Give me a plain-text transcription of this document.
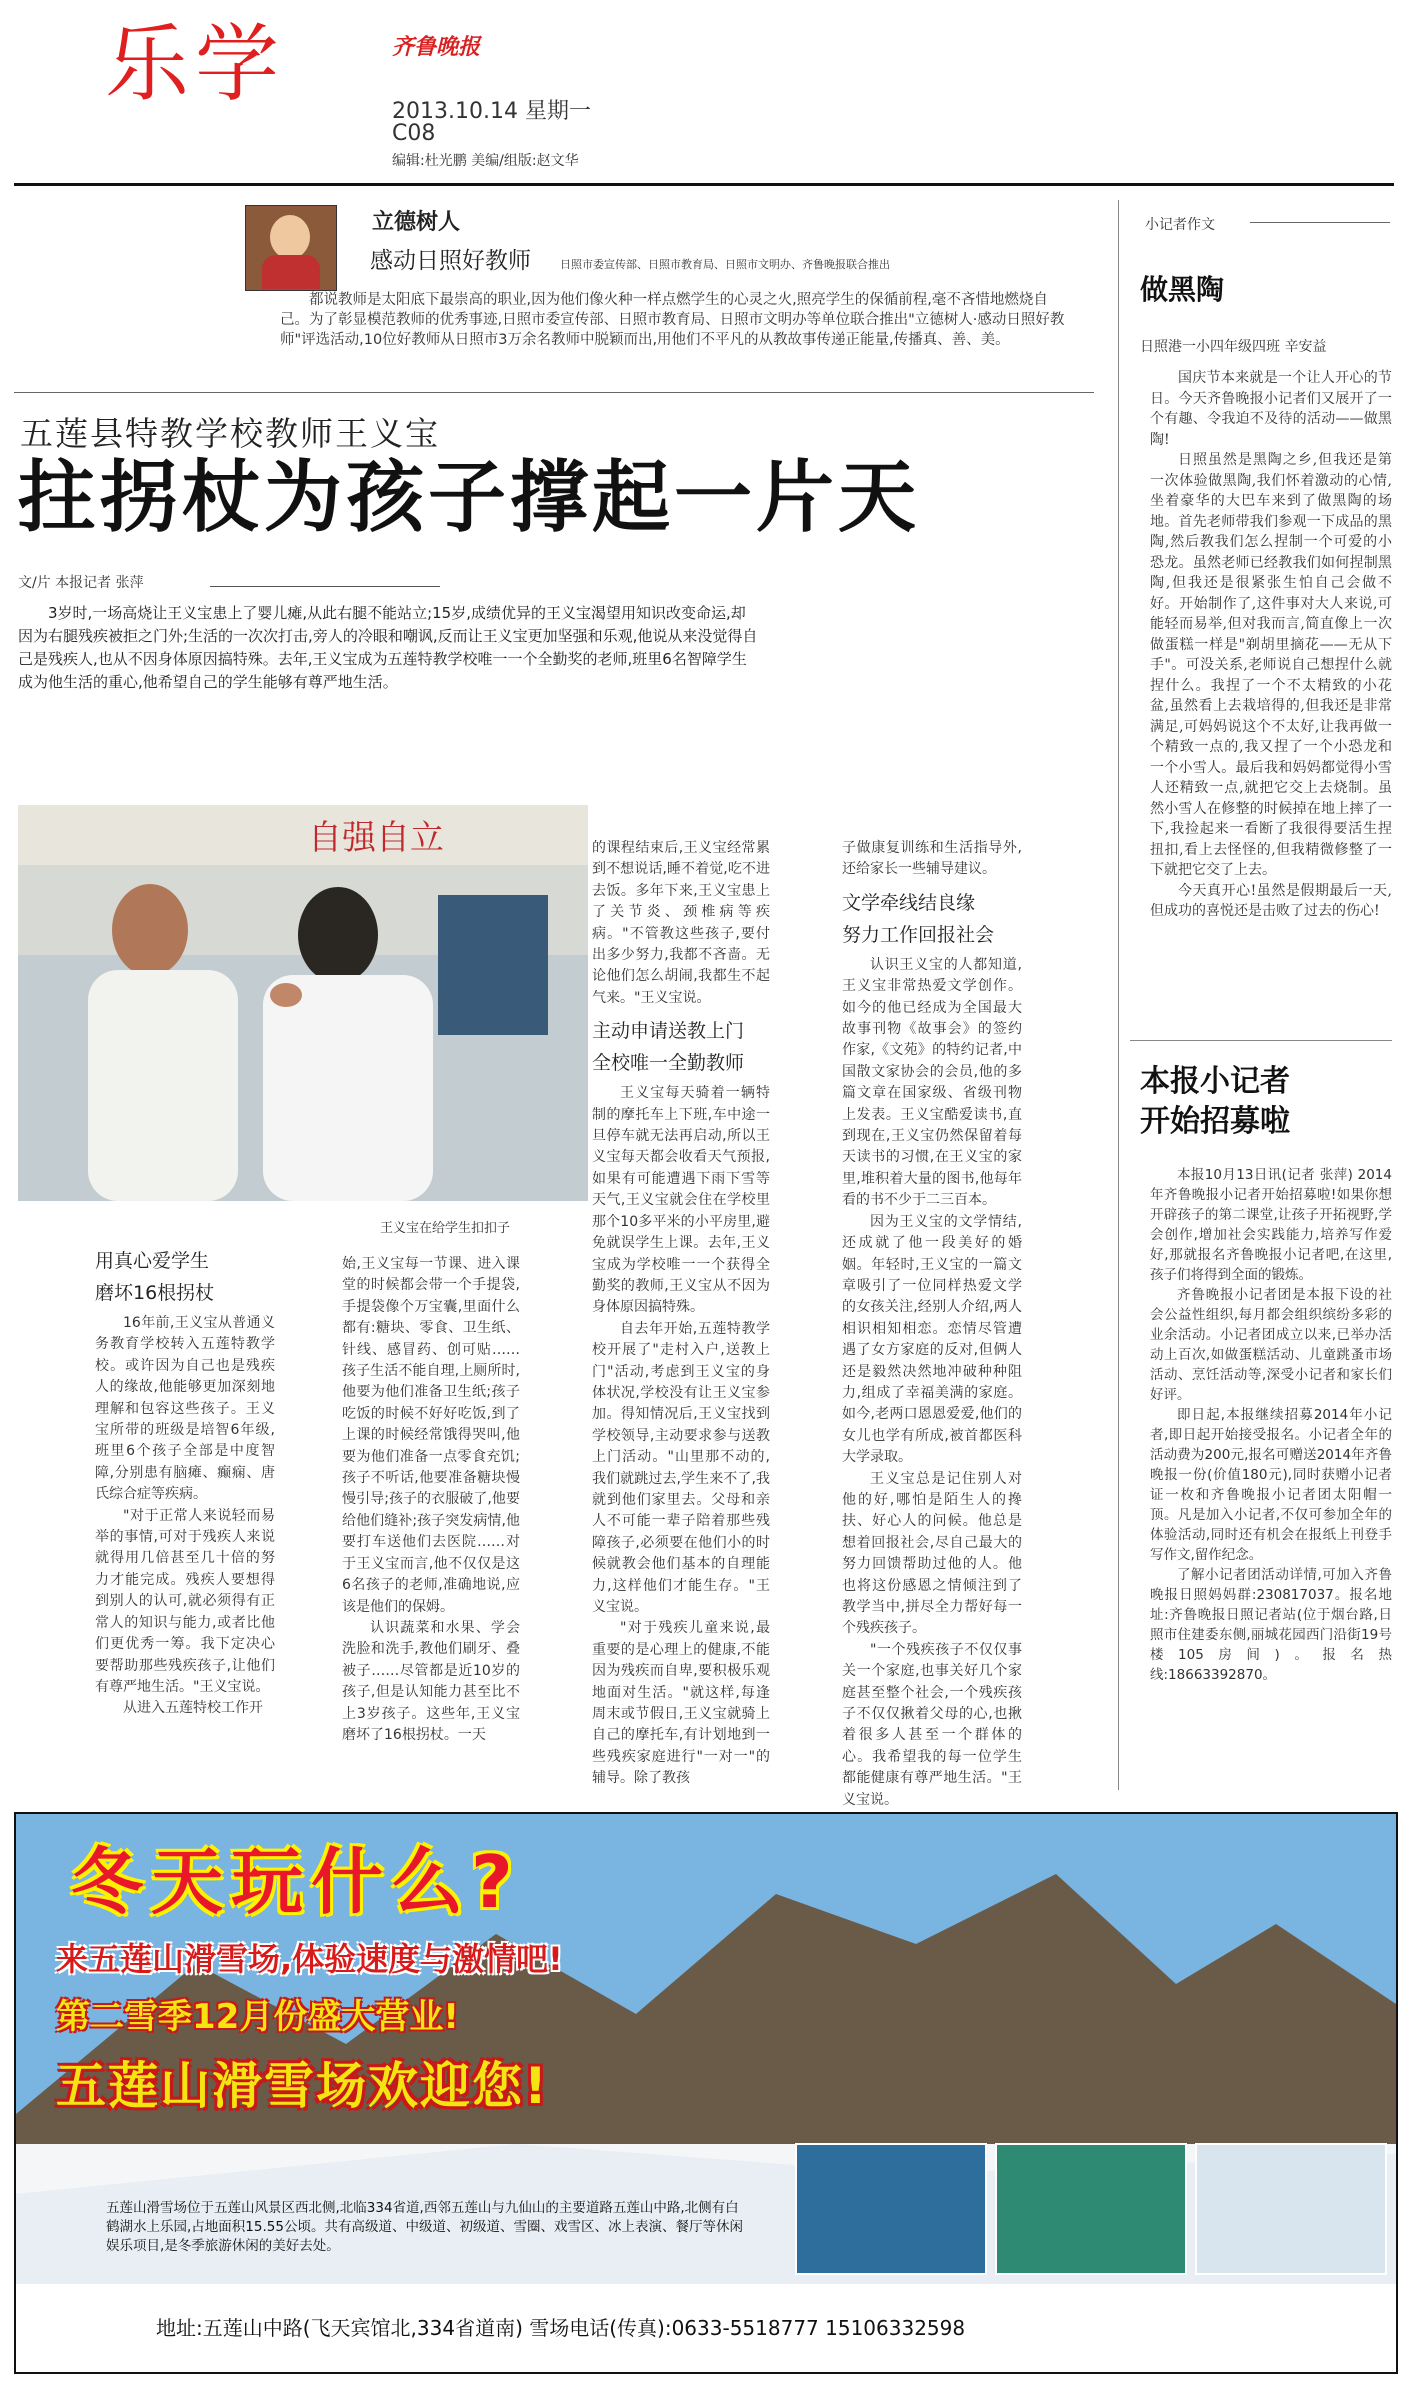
乐学	齐鲁晚报
2013.10.14 星期一
C08
编辑:杜光鹏 美编/组版:赵文华
立德树人
感动日照好教师	日照市委宣传部、日照市教育局、日照市文明办、齐鲁晚报联合推出
都说教师是太阳底下最崇高的职业,因为他们像火种一样点燃学生的心灵之火,照亮学生的保循前程,毫不吝惜地燃烧自己。为了彰显模范教师的优秀事迹,日照市委宣传部、日照市教育局、日照市文明办等单位联合推出"立德树人·感动日照好教师"评选活动,10位好教师从日照市3万余名教师中脱颖而出,用他们不平凡的从教故事传递正能量,传播真、善、美。
五莲县特教学校教师王义宝
拄拐杖为孩子撑起一片天
文/片 本报记者 张萍
3岁时,一场高烧让王义宝患上了婴儿瘫,从此右腿不能站立;15岁,成绩优异的王义宝渴望用知识改变命运,却因为右腿残疾被拒之门外;生活的一次次打击,旁人的冷眼和嘲讽,反而让王义宝更加坚强和乐观,他说从来没觉得自己是残疾人,也从不因身体原因搞特殊。去年,王义宝成为五莲特教学校唯一一个全勤奖的老师,班里6名智障学生成为他生活的重心,他希望自己的学生能够有尊严地生活。
自强自立
王义宝在给学生扣扣子
用真心爱学生
磨坏16根拐杖

16年前,王义宝从普通义务教育学校转入五莲特教学校。或许因为自己也是残疾人的缘故,他能够更加深刻地理解和包容这些孩子。王义宝所带的班级是培智6年级,班里6个孩子全部是中度智障,分别患有脑瘫、癫痫、唐氏综合症等疾病。

"对于正常人来说轻而易举的事情,可对于残疾人来说就得用几倍甚至几十倍的努力才能完成。残疾人要想得到别人的认可,就必须得有正常人的知识与能力,或者比他们更优秀一筹。我下定决心要帮助那些残疾孩子,让他们有尊严地生活。"王义宝说。

从进入五莲特校工作开

始,王义宝每一节课、进入课堂的时候都会带一个手提袋,手提袋像个万宝囊,里面什么都有:糖块、零食、卫生纸、针线、感冒药、创可贴……孩子生活不能自理,上厕所时,他要为他们准备卫生纸;孩子吃饭的时候不好好吃饭,到了上课的时候经常饿得哭叫,他要为他们准备一点零食充饥;孩子不听话,他要准备糖块慢慢引导;孩子的衣服破了,他要给他们缝补;孩子突发病情,他要打车送他们去医院……对于王义宝而言,他不仅仅是这6名孩子的老师,准确地说,应该是他们的保姆。

认识蔬菜和水果、学会洗脸和洗手,教他们刷牙、叠被子……尽管都是近10岁的孩子,但是认知能力甚至比不上3岁孩子。这些年,王义宝磨坏了16根拐杖。一天

的课程结束后,王义宝经常累到不想说话,睡不着觉,吃不进去饭。多年下来,王义宝患上了关节炎、颈椎病等疾病。"不管教这些孩子,要付出多少努力,我都不吝啬。无论他们怎么胡闹,我都生不起气来。"王义宝说。

主动申请送教上门
全校唯一全勤教师

王义宝每天骑着一辆特制的摩托车上下班,车中途一旦停车就无法再启动,所以王义宝每天都会收看天气预报,如果有可能遭遇下雨下雪等天气,王义宝就会住在学校里那个10多平米的小平房里,避免就误学生上课。去年,王义宝成为学校唯一一个获得全勤奖的教师,王义宝从不因为身体原因搞特殊。

自去年开始,五莲特教学校开展了"走村入户,送教上门"活动,考虑到王义宝的身体状况,学校没有让王义宝参加。得知情况后,王义宝找到学校领导,主动要求参与送教上门活动。"山里那不动的,我们就跳过去,学生来不了,我就到他们家里去。父母和亲人不可能一辈子陪着那些残障孩子,必须要在他们小的时候就教会他们基本的自理能力,这样他们才能生存。"王义宝说。

"对于残疾儿童来说,最重要的是心理上的健康,不能因为残疾而自卑,要积极乐观地面对生活。"就这样,每逢周末或节假日,王义宝就骑上自己的摩托车,有计划地到一些残疾家庭进行"一对一"的辅导。除了教孩

子做康复训练和生活指导外,还给家长一些辅导建议。

文学牵线结良缘
努力工作回报社会

认识王义宝的人都知道,王义宝非常热爱文学创作。如今的他已经成为全国最大故事刊物《故事会》的签约作家,《文苑》的特约记者,中国散文家协会的会员,他的多篇文章在国家级、省级刊物上发表。王义宝酷爱读书,直到现在,王义宝仍然保留着每天读书的习惯,在王义宝的家里,堆积着大量的图书,他每年看的书不少于二三百本。

因为王义宝的文学情结,还成就了他一段美好的婚姻。年轻时,王义宝的一篇文章吸引了一位同样热爱文学的女孩关注,经别人介绍,两人相识相知相恋。恋情尽管遭遇了女方家庭的反对,但俩人还是毅然决然地冲破种种阻力,组成了幸福美满的家庭。如今,老两口恩恩爱爱,他们的女儿也学有所成,被首都医科大学录取。

王义宝总是记住别人对他的好,哪怕是陌生人的搀扶、好心人的问候。他总是想着回报社会,尽自己最大的努力回馈帮助过他的人。他也将这份感恩之情倾注到了教学当中,拼尽全力帮好每一个残疾孩子。

"一个残疾孩子不仅仅事关一个家庭,也事关好几个家庭甚至整个社会,一个残疾孩子不仅仅揪着父母的心,也揪着很多人甚至一个群体的心。我希望我的每一位学生都能健康有尊严地生活。"王义宝说。

小记者作文
做黑陶
日照港一小四年级四班 辛安益

国庆节本来就是一个让人开心的节日。今天齐鲁晚报小记者们又展开了一个有趣、令我迫不及待的活动——做黑陶!

日照虽然是黑陶之乡,但我还是第一次体验做黑陶,我们怀着激动的心情,坐着豪华的大巴车来到了做黑陶的场地。首先老师带我们参观一下成品的黑陶,然后教我们怎么捏制一个可爱的小恐龙。虽然老师已经教我们如何捏制黑陶,但我还是很紧张生怕自己会做不好。开始制作了,这件事对大人来说,可能轻而易举,但对我而言,简直像上一次做蛋糕一样是"剃胡里摘花——无从下手"。可没关系,老师说自己想捏什么就捏什么。我捏了一个不太精致的小花盆,虽然看上去栽培得的,但我还是非常满足,可妈妈说这个不太好,让我再做一个精致一点的,我又捏了一个小恐龙和一个小雪人。最后我和妈妈都觉得小雪人还精致一点,就把它交上去烧制。虽然小雪人在修整的时候掉在地上摔了一下,我捡起来一看断了我很得要活生捏扭扣,看上去怪怪的,但我精微修整了一下就把它交了上去。

今天真开心!虽然是假期最后一天,但成功的喜悦还是击败了过去的伤心!

本报小记者
开始招募啦

本报10月13日讯(记者 张萍) 2014年齐鲁晚报小记者开始招募啦!如果你想开辟孩子的第二课堂,让孩子开拓视野,学会创作,增加社会实践能力,培养写作爱好,那就报名齐鲁晚报小记者吧,在这里,孩子们将得到全面的锻炼。

齐鲁晚报小记者团是本报下设的社会公益性组织,每月都会组织缤纷多彩的业余活动。小记者团成立以来,已举办活动上百次,如做蛋糕活动、儿童跳蚤市场活动、烹饪活动等,深受小记者和家长们好评。

即日起,本报继续招募2014年小记者,即日起开始接受报名。小记者全年的活动费为200元,报名可赠送2014年齐鲁晚报一份(价值180元),同时获赠小记者证一枚和齐鲁晚报小记者团太阳帽一顶。凡是加入小记者,不仅可参加全年的体验活动,同时还有机会在报纸上刊登手写作文,留作纪念。

了解小记者团活动详情,可加入齐鲁晚报日照妈妈群:230817037。报名地址:齐鲁晚报日照记者站(位于烟台路,日照市住建委东侧,丽城花园西门沿街19号楼105房间)。报名热线:18663392870。

冬天玩什么?
来五莲山滑雪场,体验速度与激情吧!
第二雪季12月份盛大营业!
五莲山滑雪场欢迎您!
五莲山滑雪场位于五莲山风景区西北侧,北临334省道,西邻五莲山与九仙山的主要道路五莲山中路,北侧有白鹤湖水上乐园,占地面积15.55公顷。共有高级道、中级道、初级道、雪圈、戏雪区、冰上表演、餐厅等休闲娱乐项目,是冬季旅游休闲的美好去处。
地址:五莲山中路(飞天宾馆北,334省道南) 雪场电话(传真):0633-5518777 15106332598
